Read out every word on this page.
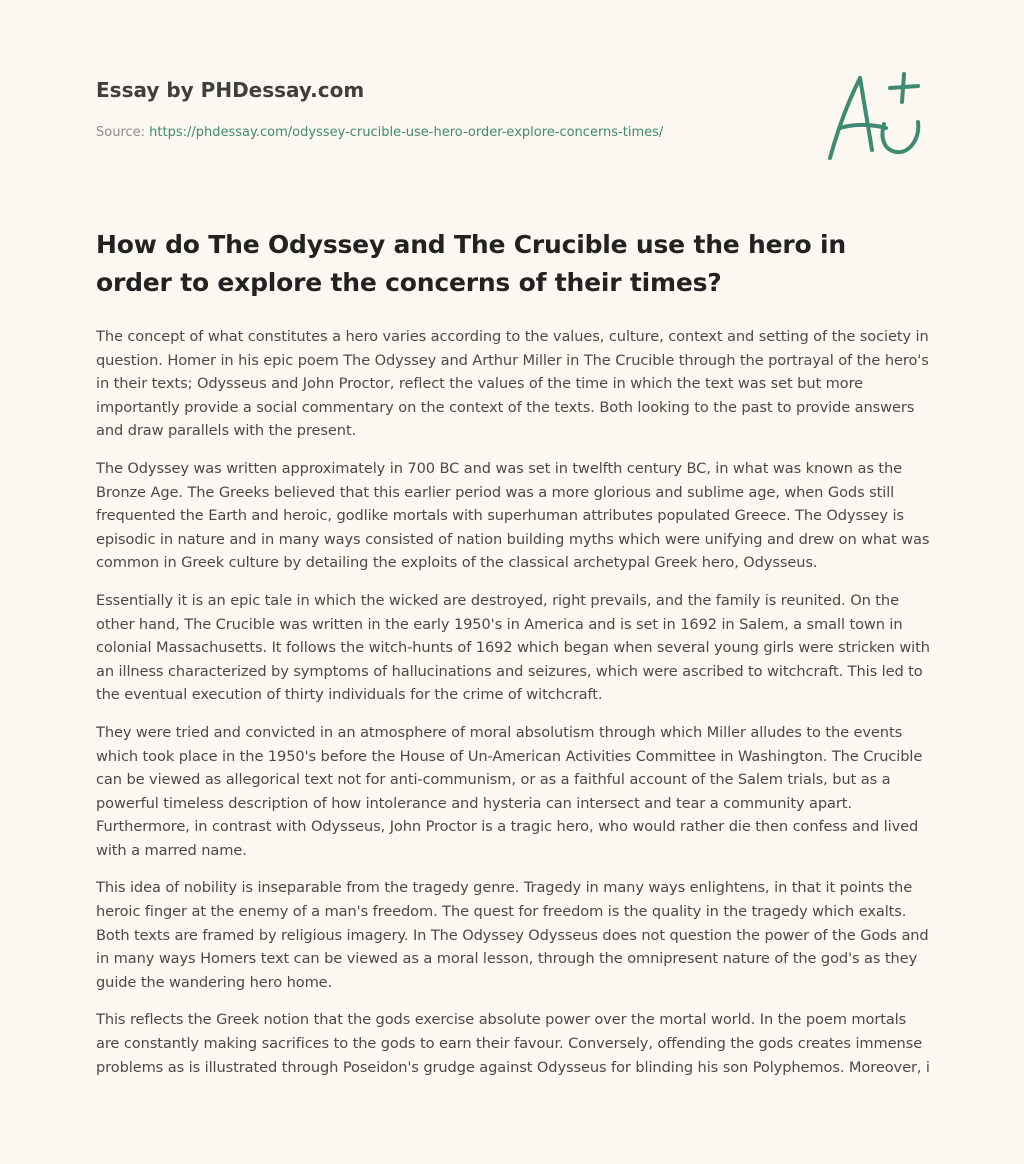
Essay by PHDessay.com
Source: https://phdessay.com/odyssey-crucible-use-hero-order-explore-concerns-times/
How do The Odyssey and The Crucible use the hero in order to explore the concerns of their times?

The concept of what constitutes a hero varies according to the values, culture, context and setting of the society in question. Homer in his epic poem The Odyssey and Arthur Miller in The Crucible through the portrayal of the hero's in their texts; Odysseus and John Proctor, reflect the values of the time in which the text was set but more importantly provide a social commentary on the context of the texts. Both looking to the past to provide answers and draw parallels with the present.

The Odyssey was written approximately in 700 BC and was set in twelfth century BC, in what was known as the Bronze Age. The Greeks believed that this earlier period was a more glorious and sublime age, when Gods still frequented the Earth and heroic, godlike mortals with superhuman attributes populated Greece. The Odyssey is episodic in nature and in many ways consisted of nation building myths which were unifying and drew on what was common in Greek culture by detailing the exploits of the classical archetypal Greek hero, Odysseus.

Essentially it is an epic tale in which the wicked are destroyed, right prevails, and the family is reunited. On the other hand, The Crucible was written in the early 1950's in America and is set in 1692 in Salem, a small town in colonial Massachusetts. It follows the witch-hunts of 1692 which began when several young girls were stricken with an illness characterized by symptoms of hallucinations and seizures, which were ascribed to witchcraft. This led to the eventual execution of thirty individuals for the crime of witchcraft.

They were tried and convicted in an atmosphere of moral absolutism through which Miller alludes to the events which took place in the 1950's before the House of Un-American Activities Committee in Washington. The Crucible can be viewed as allegorical text not for anti-communism, or as a faithful account of the Salem trials, but as a powerful timeless description of how intolerance and hysteria can intersect and tear a community apart. Furthermore, in contrast with Odysseus, John Proctor is a tragic hero, who would rather die then confess and lived with a marred name.

This idea of nobility is inseparable from the tragedy genre. Tragedy in many ways enlightens, in that it points the heroic finger at the enemy of a man's freedom. The quest for freedom is the quality in the tragedy which exalts. Both texts are framed by religious imagery. In The Odyssey Odysseus does not question the power of the Gods and in many ways Homers text can be viewed as a moral lesson, through the omnipresent nature of the god's as they guide the wandering hero home.

This reflects the Greek notion that the gods exercise absolute power over the mortal world. In the poem mortals are constantly making sacrifices to the gods to earn their favour. Conversely, offending the gods creates immense problems as is illustrated through Poseidon's grudge against Odysseus for blinding his son Polyphemos. Moreover, i
